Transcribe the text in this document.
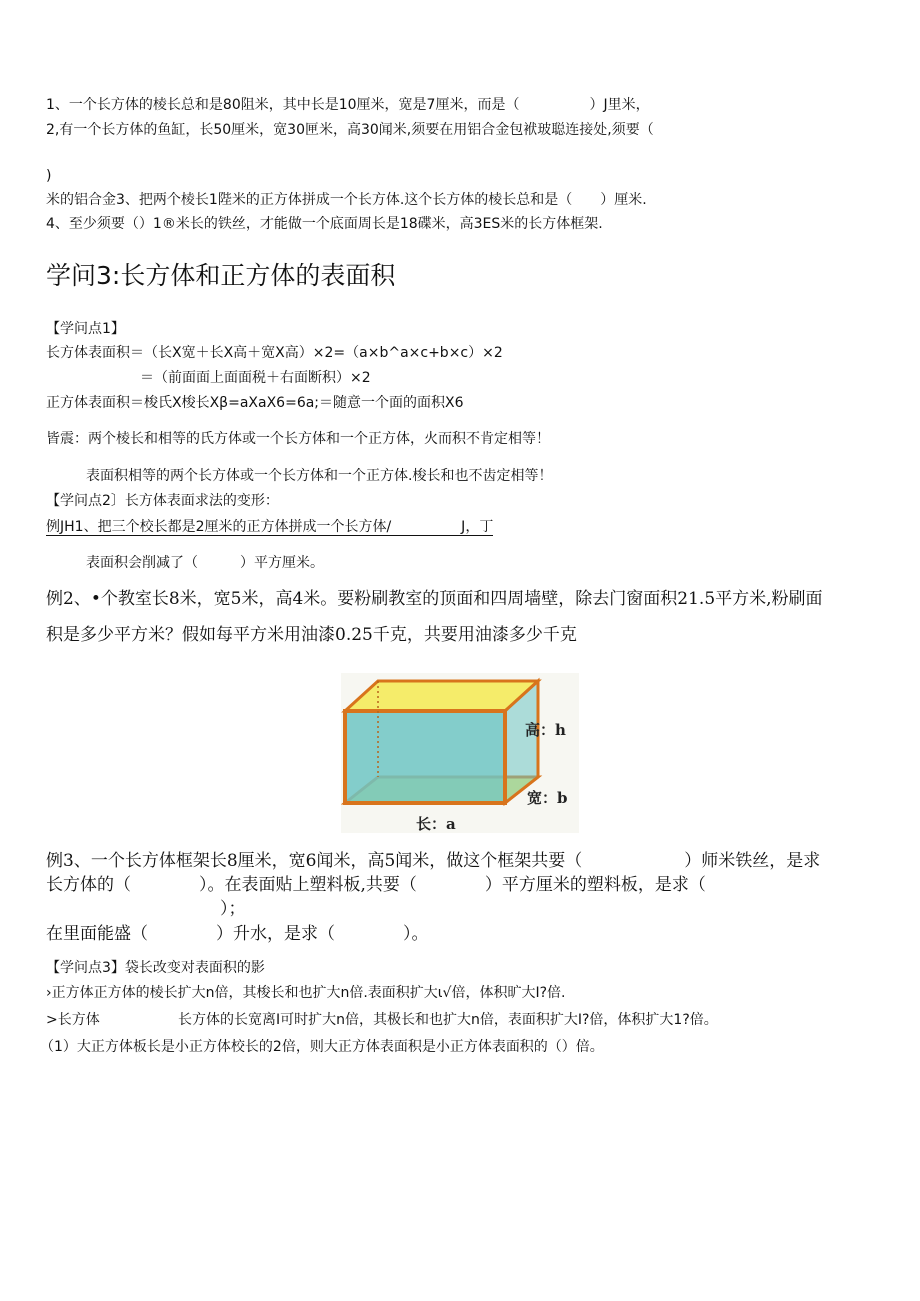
1、一个长方体的棱长总和是80阻米，其中长是10厘米，宽是7厘米，而是（　　　　　）J里米，
2,有一个长方体的鱼缸，长50厘米，宽30匣米，高30闻米,须要在用铝合金包袱玻聪连接处,须要（
)
米的铝合金3、把两个棱长1陛米的正方体拼成一个长方体.这个长方体的棱长总和是（　　）厘米.
4、至少须要（）1®米长的铁丝，才能做一个底面周长是18碟米，高3ES米的长方体框架.
学问3:长方体和正方体的表面积
【学问点1】
长方体表面积＝（长X宽＋长X高＋宽X高）×2=（a×b^a×c+b×c）×2
＝（前面面上面面税＋右面断积）×2
正方体表面积＝梭氏X梭长Xβ=aXaX6=6a;＝随意一个面的面积X6
皆震：两个棱长和相等的氏方体或一个长方体和一个正方体，火而积不肯定相等！
表面积相等的两个长方体或一个长方体和一个正方体.梭长和也不齿定相等！
【学问点2〕长方体表面求法的变形：
例JH1、把三个校长都是2厘米的正方体拼成一个长方体/　　　　　J，丁
表面积会削减了（　　　）平方厘米。
例2、•个教室长8米，宽5米，高4米。要粉刷教室的顶面和四周墙壁，除去门窗面积21.5平方米,粉刷面
积是多少平方米？假如每平方米用油漆0.25千克，共要用油漆多少千克
高：h
宽：b
长：a
例3、一个长方体框架长8厘米，宽6闻米，高5闻米，做这个框架共要（　　　　　　）师米铁丝，是求
长方体的（　　　　）。在表面贴上塑料板,共要（　　　　）平方厘米的塑料板，是求（
）；
在里面能盛（　　　　）升水，是求（　　　　）。
【学问点3】袋长改变对表面积的影
›正方体正方体的棱长扩大n倍，其梭长和也扩大n倍.表面积扩大ι√倍，体积旷大I?倍.
>长方体	长方体的长宽离I可时扩大n倍，其极长和也扩大n倍，表面积扩大I?倍，体积扩大1?倍。
（1）大正方体板长是小正方体校长的2倍，则大正方体表面积是小正方体表面积的（）倍。
